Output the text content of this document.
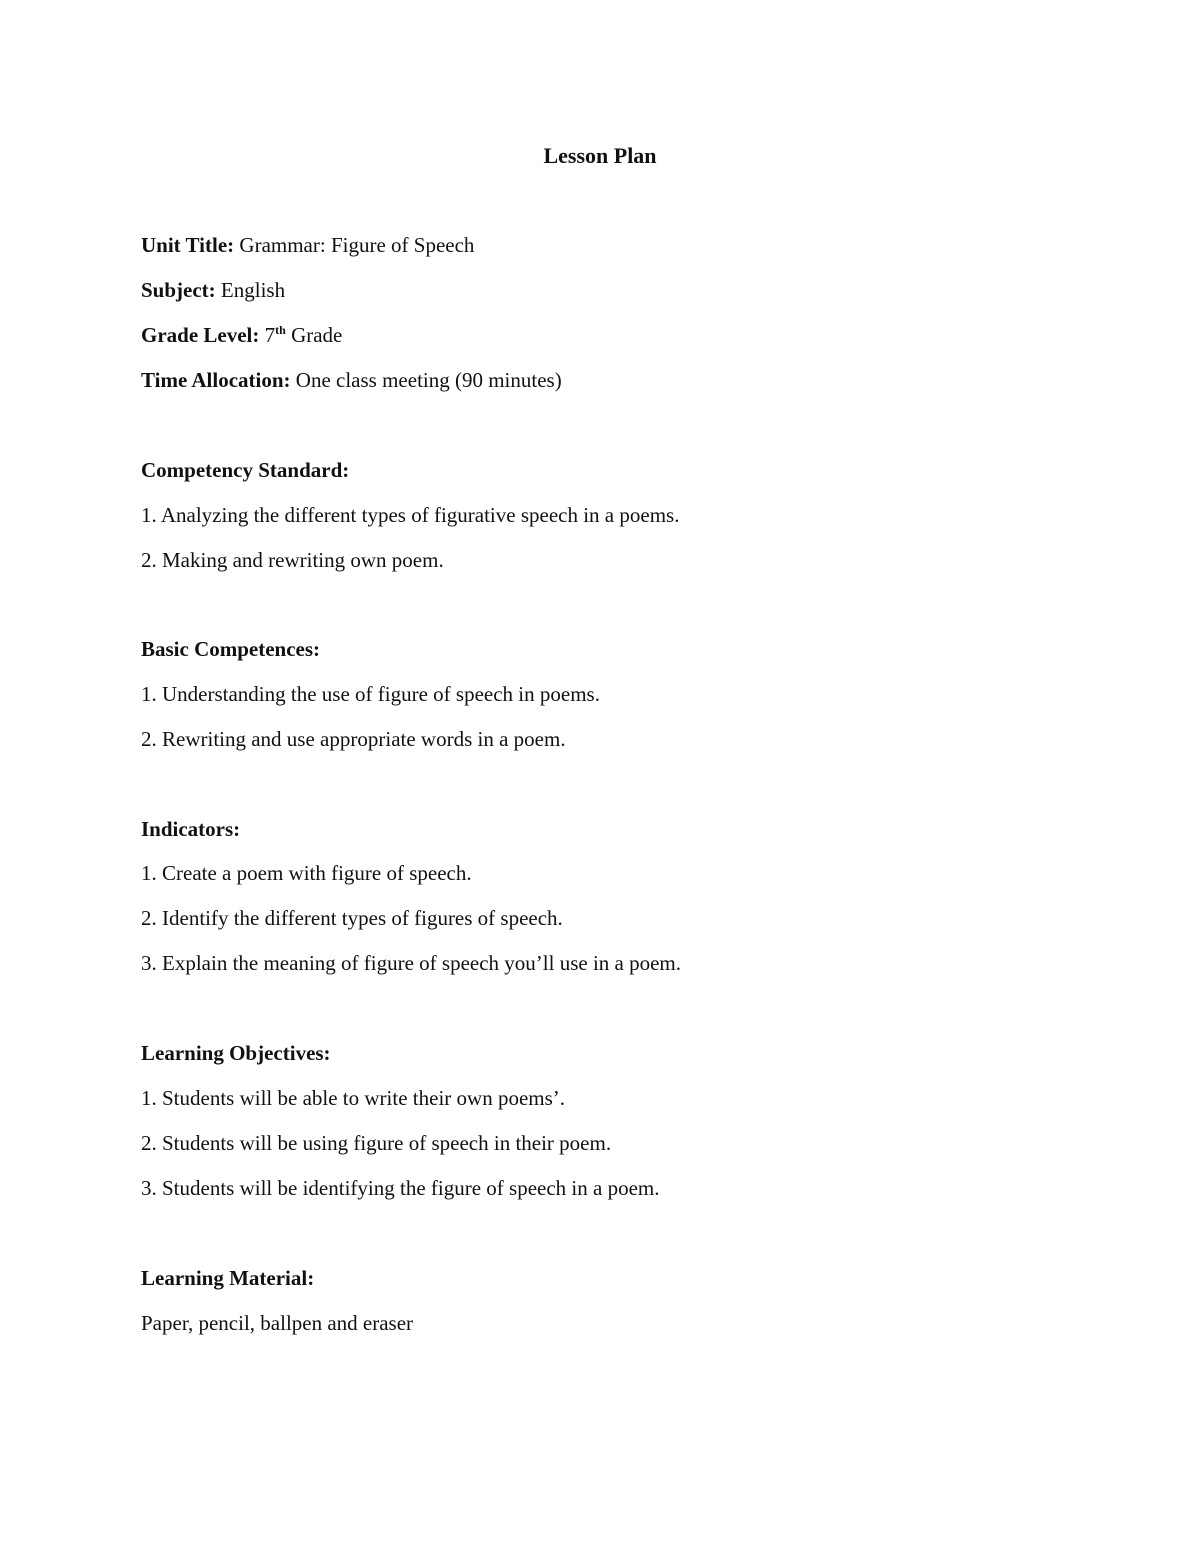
Lesson Plan
Unit Title: Grammar: Figure of Speech
Subject: English
Grade Level: 7th Grade
Time Allocation: One class meeting (90 minutes)
Competency Standard:
1. Analyzing the different types of figurative speech in a poems.
2. Making and rewriting own poem.
Basic Competences:
1. Understanding the use of figure of speech in poems.
2. Rewriting and use appropriate words in a poem.
Indicators:
1. Create a poem with figure of speech.
2. Identify the different types of figures of speech.
3. Explain the meaning of figure of speech you’ll use in a poem.
Learning Objectives:
1. Students will be able to write their own poems’.
2. Students will be using figure of speech in their poem.
3. Students will be identifying the figure of speech in a poem.
Learning Material:
Paper, pencil, ballpen and eraser
